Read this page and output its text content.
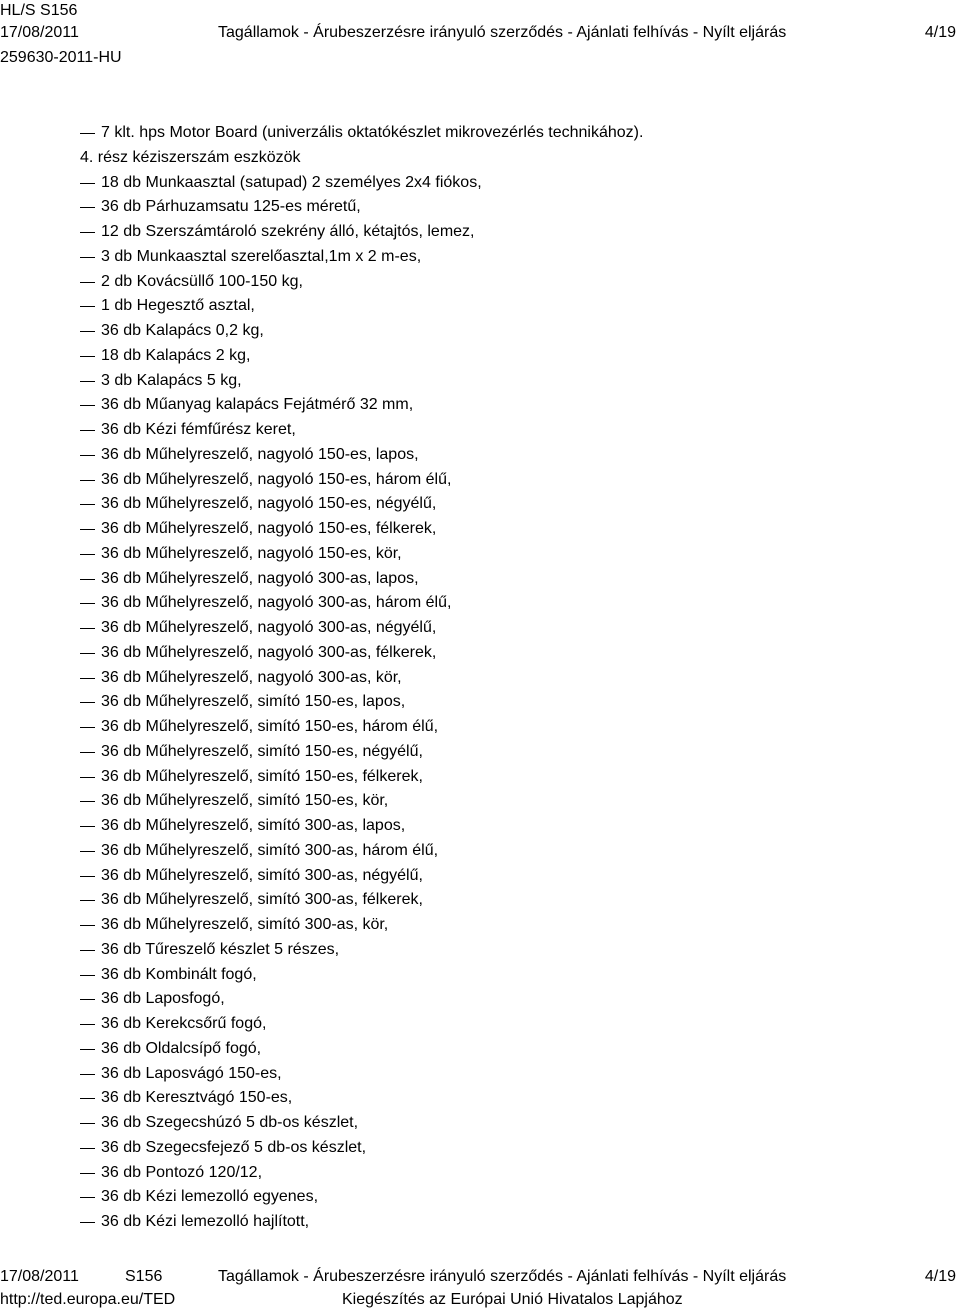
HL/S S156
17/08/2011	Tagállamok - Árubeszerzésre irányuló szerződés - Ajánlati felhívás - Nyílt eljárás	4/19
259630-2011-HU
7 klt. hps Motor Board (univerzális oktatókészlet mikrovezérlés technikához).
4. rész kéziszerszám eszközök
18 db Munkaasztal (satupad) 2 személyes 2x4 fiókos,
36 db Párhuzamsatu 125-es méretű,
12 db Szerszámtároló szekrény álló, kétajtós, lemez,
3 db Munkaasztal szerelőasztal,1m x 2 m-es,
2 db Kovácsüllő 100-150 kg,
1 db Hegesztő asztal,
36 db Kalapács 0,2 kg,
18 db Kalapács 2 kg,
3 db Kalapács 5 kg,
36 db Műanyag kalapács Fejátmérő 32 mm,
36 db Kézi fémfűrész keret,
36 db Műhelyreszelő, nagyoló 150-es, lapos,
36 db Műhelyreszelő, nagyoló 150-es, három élű,
36 db Műhelyreszelő, nagyoló 150-es, négyélű,
36 db Műhelyreszelő, nagyoló 150-es, félkerek,
36 db Műhelyreszelő, nagyoló 150-es, kör,
36 db Műhelyreszelő, nagyoló 300-as, lapos,
36 db Műhelyreszelő, nagyoló 300-as, három élű,
36 db Műhelyreszelő, nagyoló 300-as, négyélű,
36 db Műhelyreszelő, nagyoló 300-as, félkerek,
36 db Műhelyreszelő, nagyoló 300-as, kör,
36 db Műhelyreszelő, simító 150-es, lapos,
36 db Műhelyreszelő, simító 150-es, három élű,
36 db Műhelyreszelő, simító 150-es, négyélű,
36 db Műhelyreszelő, simító 150-es, félkerek,
36 db Műhelyreszelő, simító 150-es, kör,
36 db Műhelyreszelő, simító 300-as, lapos,
36 db Műhelyreszelő, simító 300-as, három élű,
36 db Műhelyreszelő, simító 300-as, négyélű,
36 db Műhelyreszelő, simító 300-as, félkerek,
36 db Műhelyreszelő, simító 300-as, kör,
36 db Tűreszelő készlet 5 részes,
36 db Kombinált fogó,
36 db Laposfogó,
36 db Kerekcsőrű fogó,
36 db Oldalcsípő fogó,
36 db Laposvágó 150-es,
36 db Keresztvágó 150-es,
36 db Szegecshúzó 5 db-os készlet,
36 db Szegecsfejező 5 db-os készlet,
36 db Pontozó 120/12,
36 db Kézi lemezolló egyenes,
36 db Kézi lemezolló hajlított,
17/08/2011	S156	Tagállamok - Árubeszerzésre irányuló szerződés - Ajánlati felhívás - Nyílt eljárás	4/19
http://ted.europa.eu/TED	Kiegészítés az Európai Unió Hivatalos Lapjához
